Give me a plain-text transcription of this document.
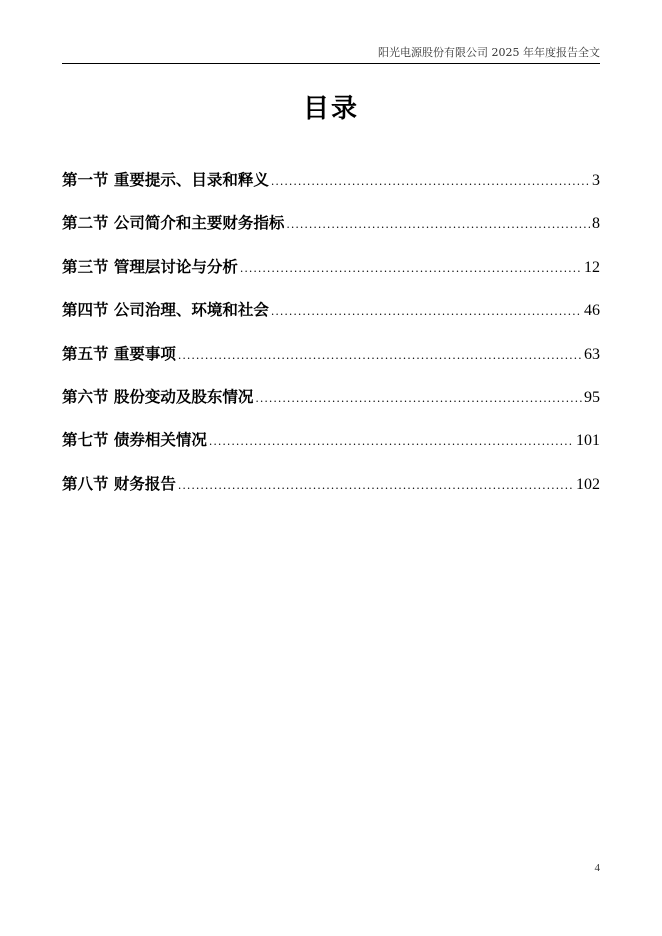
阳光电源股份有限公司 2025 年年度报告全文
目录
第一节 重要提示、目录和释义 .....	3
第二节 公司简介和主要财务指标 .....	8
第三节 管理层讨论与分析 .....	12
第四节 公司治理、环境和社会 .....	46
第五节 重要事项 .....	63
第六节 股份变动及股东情况 .....	95
第七节 债券相关情况 .....	101
第八节 财务报告 .....	102
4
